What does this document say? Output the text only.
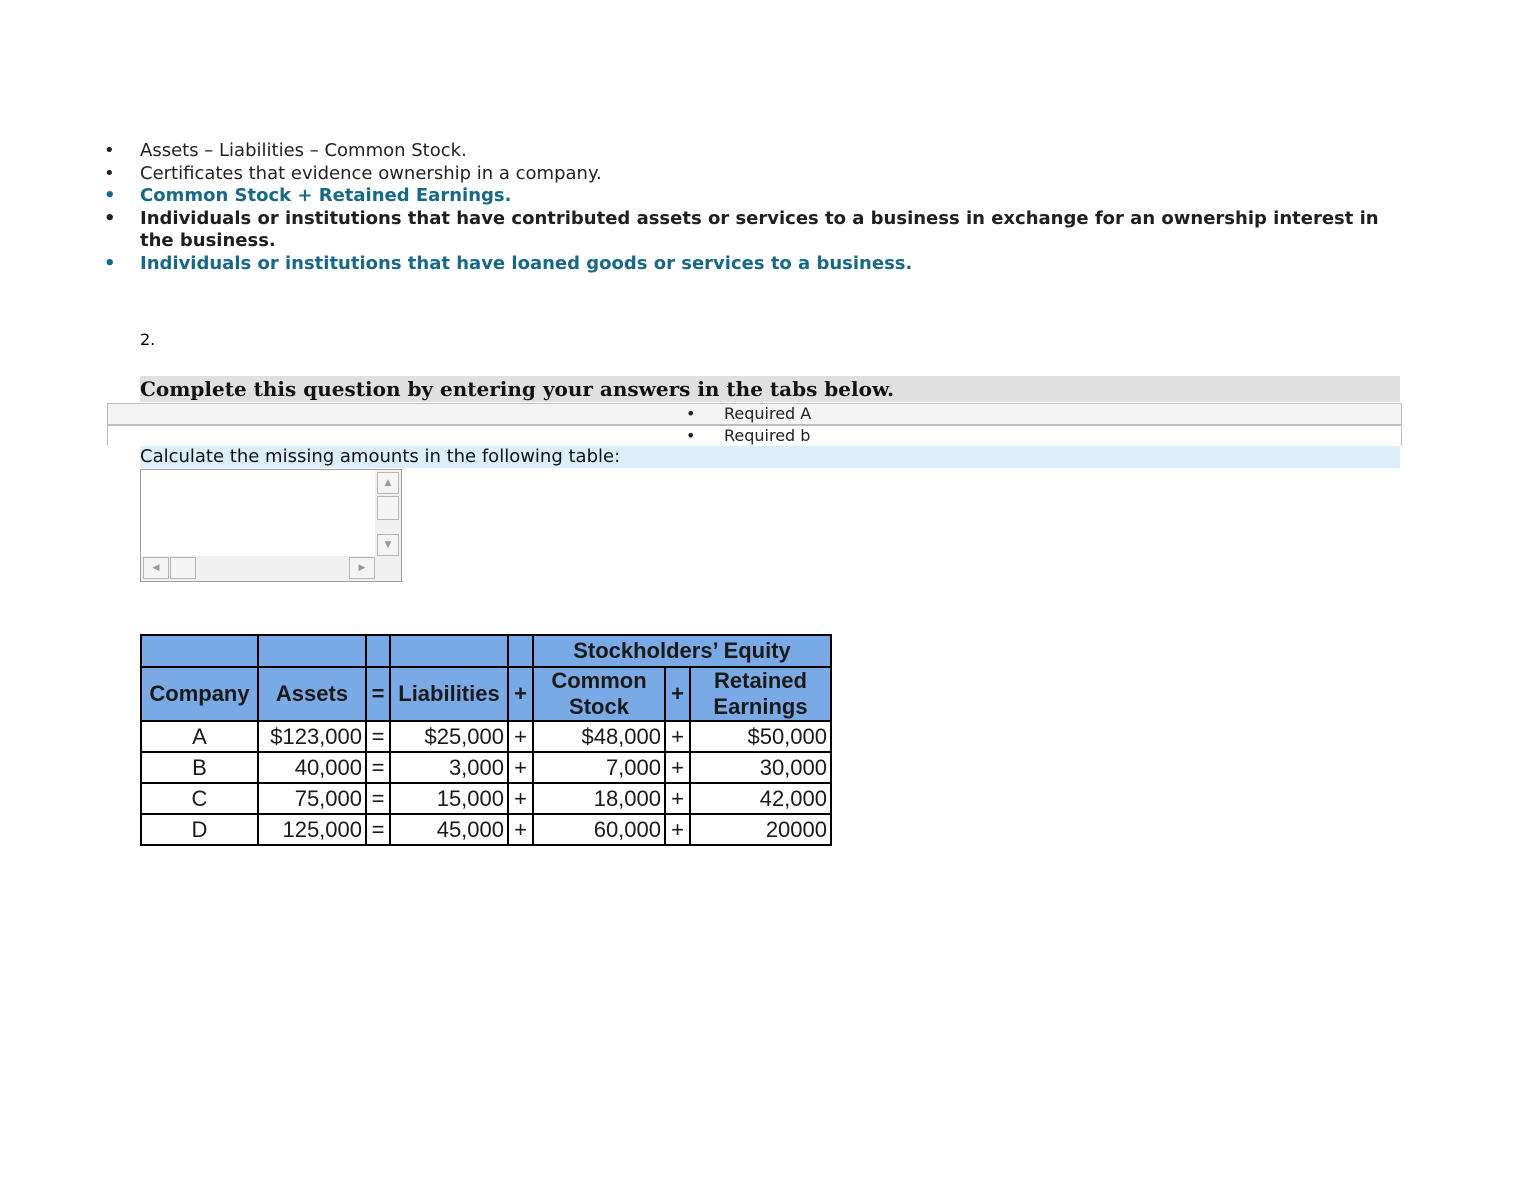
• Assets – Liabilities – Common Stock.
• Certificates that evidence ownership in a company.
• Common Stock + Retained Earnings.
• Individuals or institutions that have contributed assets or services to a business in exchange for an ownership interest in the business.
• Individuals or institutions that have loaned goods or services to a business.
2.
Complete this question by entering your answers in the tabs below.
• Required A
• Required b
Calculate the missing amounts in the following table:
▲
▼
◀	▶
					Stockholders’ Equity		
Company	Assets	=	Liabilities	+	Common Stock	+	Retained Earnings
A	$123,000	=	$25,000	+	$48,000	+	$50,000
B	40,000	=	3,000	+	7,000	+	30,000
C	75,000	=	15,000	+	18,000	+	42,000
D	125,000	=	45,000	+	60,000	+	20000
